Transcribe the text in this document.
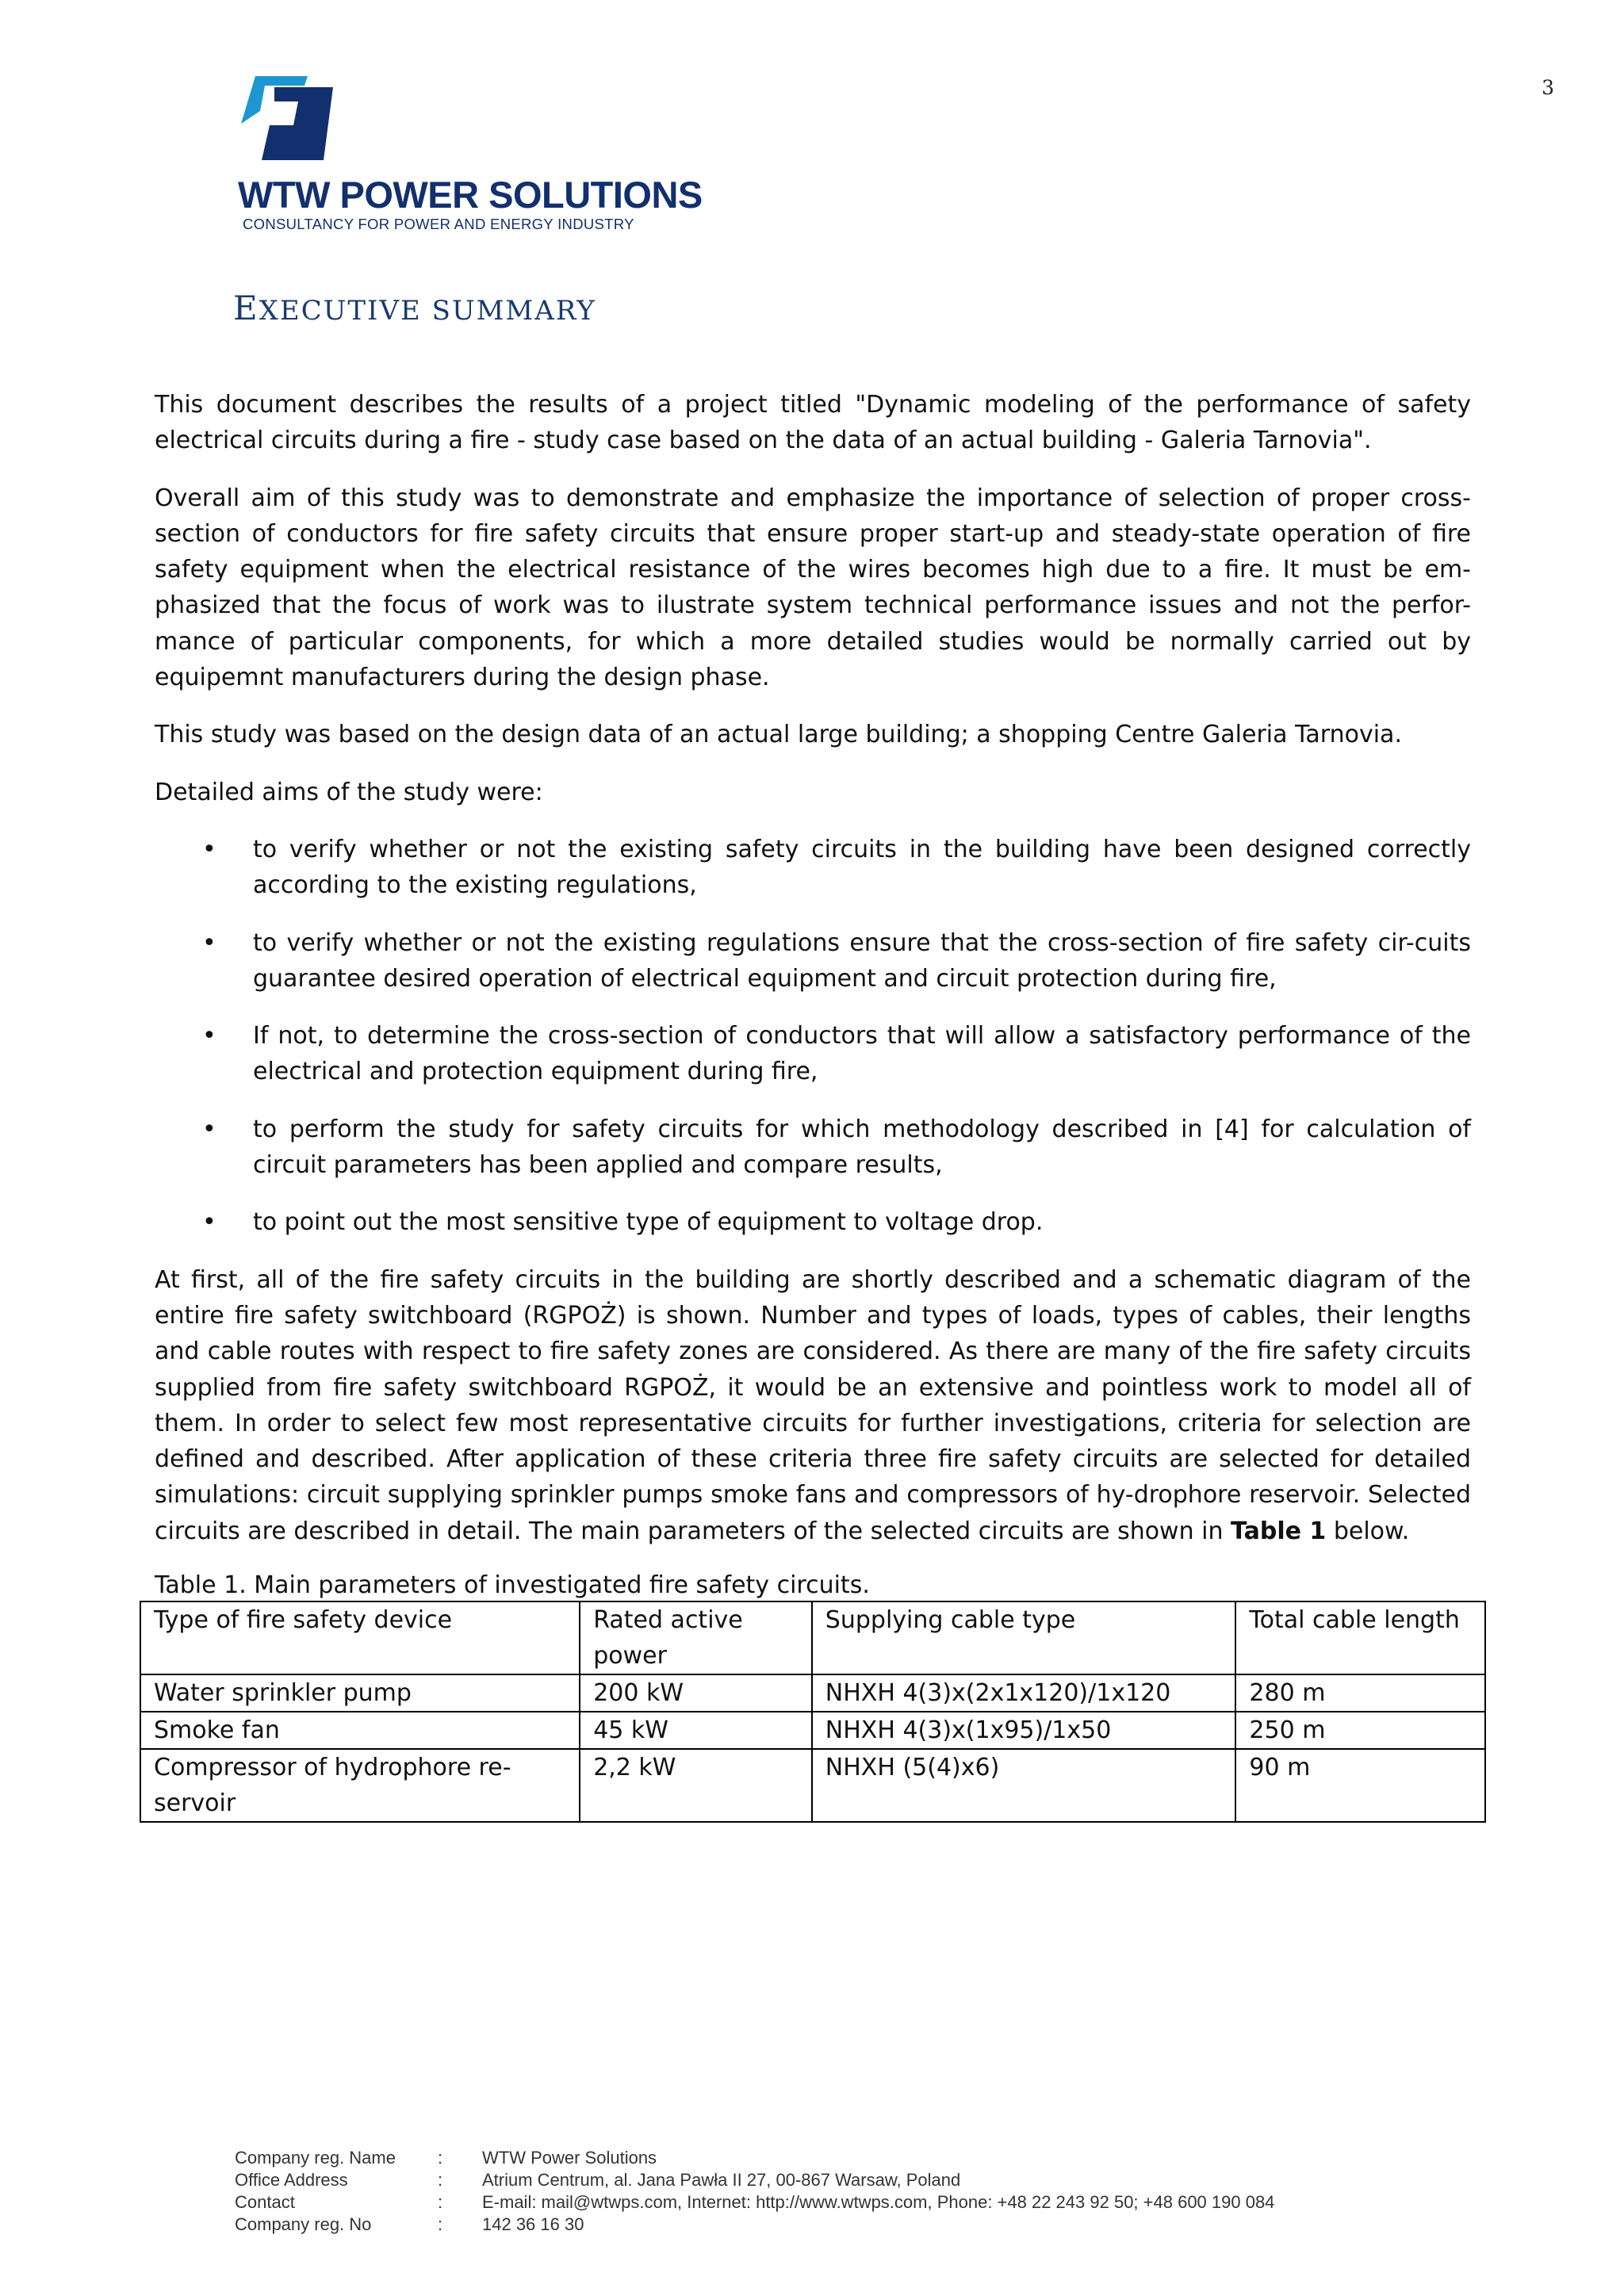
3
WTW POWER SOLUTIONS
CONSULTANCY FOR POWER AND ENERGY INDUSTRY
EXECUTIVE SUMMARY

This document describes the results of a project titled "Dynamic modeling of the performance of safety electrical circuits during a fire - study case based on the data of an actual building - Galeria Tarnovia".

Overall aim of this study was to demonstrate and emphasize the importance of selection of proper cross-section of conductors for fire safety circuits that ensure proper start-up and steady-state operation of fire safety equipment when the electrical resistance of the wires becomes high due to a fire. It must be em-phasized that the focus of work was to ilustrate system technical performance issues and not the perfor-mance of particular components, for which a more detailed studies would be normally carried out by equipemnt manufacturers during the design phase.

This study was based on the design data of an actual large building; a shopping Centre Galeria Tarnovia.

Detailed aims of the study were:

• to verify whether or not the existing safety circuits in the building have been designed correctly according to the existing regulations,
• to verify whether or not the existing regulations ensure that the cross-section of fire safety cir-cuits guarantee desired operation of electrical equipment and circuit protection during fire,
• If not, to determine the cross-section of conductors that will allow a satisfactory performance of the electrical and protection equipment during fire,
• to perform the study for safety circuits for which methodology described in [4] for calculation of circuit parameters has been applied and compare results,
• to point out the most sensitive type of equipment to voltage drop.

At first, all of the fire safety circuits in the building are shortly described and a schematic diagram of the entire fire safety switchboard (RGPOŻ) is shown. Number and types of loads, types of cables, their lengths and cable routes with respect to fire safety zones are considered. As there are many of the fire safety circuits supplied from fire safety switchboard RGPOŻ, it would be an extensive and pointless work to model all of them. In order to select few most representative circuits for further investigations, criteria for selection are defined and described. After application of these criteria three fire safety circuits are selected for detailed simulations: circuit supplying sprinkler pumps smoke fans and compressors of hy-drophore reservoir. Selected circuits are described in detail. The main parameters of the selected circuits are shown in Table 1 below.

Table 1. Main parameters of investigated fire safety circuits.
Type of fire safety device	Rated active power	Supplying cable type	Total cable length
Water sprinkler pump	200 kW	NHXH 4(3)x(2x1x120)/1x120	280 m
Smoke fan	45 kW	NHXH 4(3)x(1x95)/1x50	250 m
Compressor of hydrophore re-servoir	2,2 kW	NHXH (5(4)x6)	90 m
Company reg. Name	:	WTW Power Solutions
Office Address	:	Atrium Centrum, al. Jana Pawła II 27, 00-867 Warsaw, Poland
Contact	:	E-mail: mail@wtwps.com, Internet: http://www.wtwps.com, Phone: +48 22 243 92 50; +48 600 190 084
Company reg. No	:	142 36 16 30
